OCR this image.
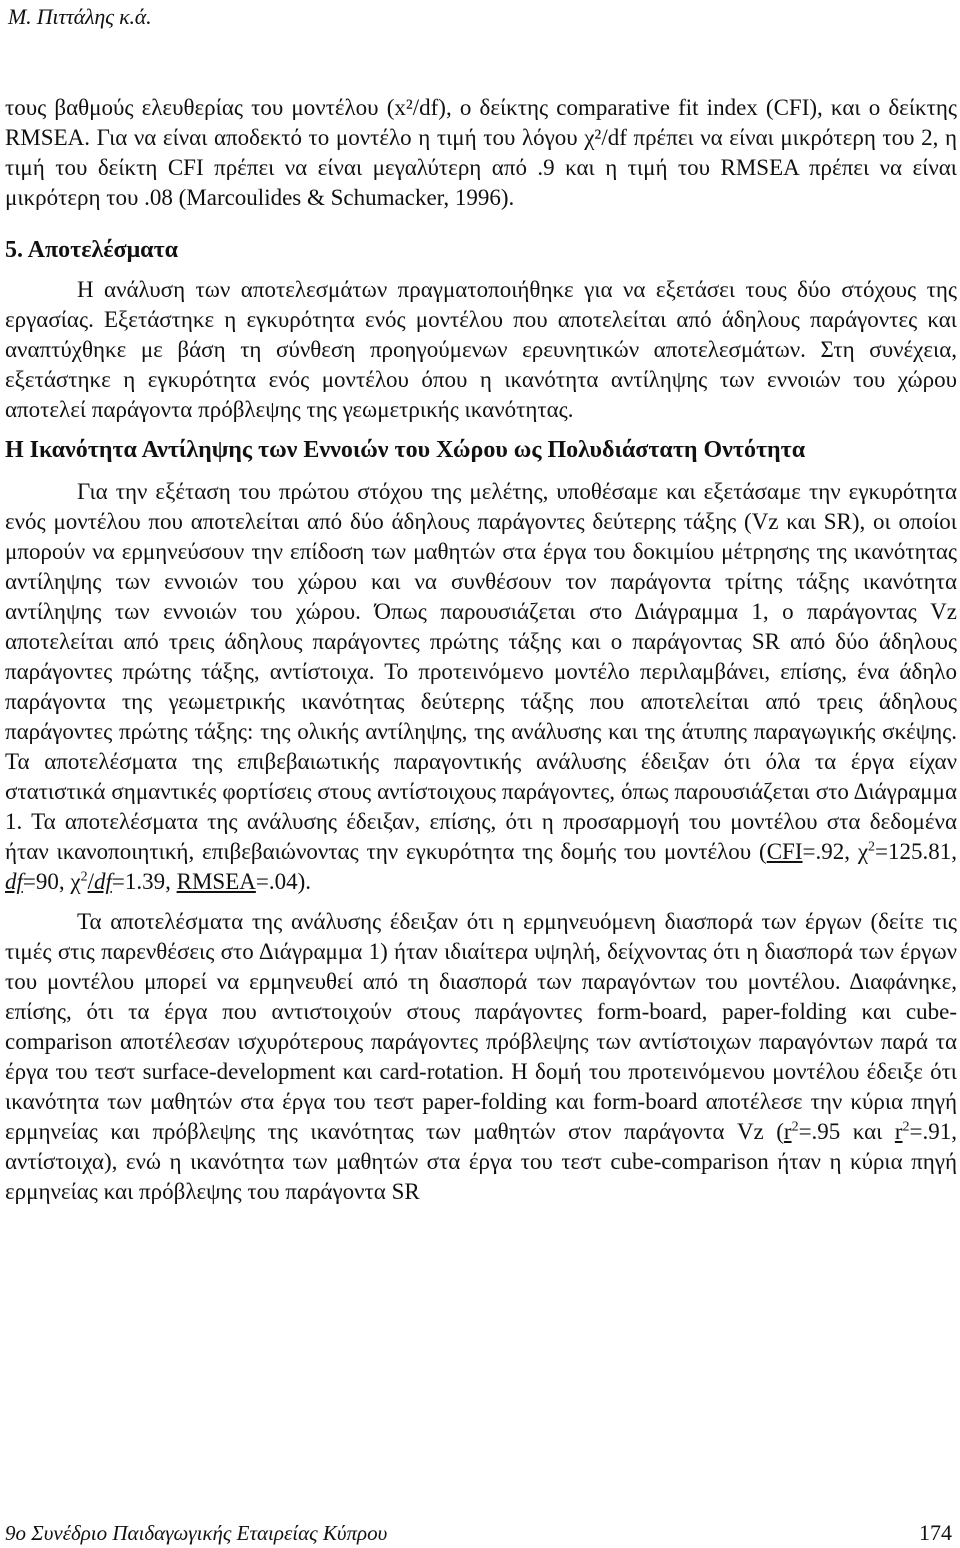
Μ. Πιττάλης κ.ά.

τους βαθμούς ελευθερίας του μοντέλου (x²/df), ο δείκτης comparative fit index (CFI), και ο δείκτης RMSEA. Για να είναι αποδεκτό το μοντέλο η τιμή του λόγου χ²/df πρέπει να είναι μικρότερη του 2, η τιμή του δείκτη CFI πρέπει να είναι μεγαλύτερη από .9 και η τιμή του RMSEA πρέπει να είναι μικρότερη του .08 (Marcoulides & Schumacker, 1996).

5. Αποτελέσματα

Η ανάλυση των αποτελεσμάτων πραγματοποιήθηκε για να εξετάσει τους δύο στόχους της εργασίας. Εξετάστηκε η εγκυρότητα ενός μοντέλου που αποτελείται από άδηλους παράγοντες και αναπτύχθηκε με βάση τη σύνθεση προηγούμενων ερευνητικών αποτελεσμάτων. Στη συνέχεια, εξετάστηκε η εγκυρότητα ενός μοντέλου όπου η ικανότητα αντίληψης των εννοιών του χώρου αποτελεί παράγοντα πρόβλεψης της γεωμετρικής ικανότητας.

Η Ικανότητα Αντίληψης των Εννοιών του Χώρου ως Πολυδιάστατη Οντότητα

Για την εξέταση του πρώτου στόχου της μελέτης, υποθέσαμε και εξετάσαμε την εγκυρότητα ενός μοντέλου που αποτελείται από δύο άδηλους παράγοντες δεύτερης τάξης (Vz και SR), οι οποίοι μπορούν να ερμηνεύσουν την επίδοση των μαθητών στα έργα του δοκιμίου μέτρησης της ικανότητας αντίληψης των εννοιών του χώρου και να συνθέσουν τον παράγοντα τρίτης τάξης ικανότητα αντίληψης των εννοιών του χώρου. Όπως παρουσιάζεται στο Διάγραμμα 1, ο παράγοντας Vz αποτελείται από τρεις άδηλους παράγοντες πρώτης τάξης και ο παράγοντας SR από δύο άδηλους παράγοντες πρώτης τάξης, αντίστοιχα. Το προτεινόμενο μοντέλο περιλαμβάνει, επίσης, ένα άδηλο παράγοντα της γεωμετρικής ικανότητας δεύτερης τάξης που αποτελείται από τρεις άδηλους παράγοντες πρώτης τάξης: της ολικής αντίληψης, της ανάλυσης και της άτυπης παραγωγικής σκέψης. Τα αποτελέσματα της επιβεβαιωτικής παραγοντικής ανάλυσης έδειξαν ότι όλα τα έργα είχαν στατιστικά σημαντικές φορτίσεις στους αντίστοιχους παράγοντες, όπως παρουσιάζεται στο Διάγραμμα 1. Τα αποτελέσματα της ανάλυσης έδειξαν, επίσης, ότι η προσαρμογή του μοντέλου στα δεδομένα ήταν ικανοποιητική, επιβεβαιώνοντας την εγκυρότητα της δομής του μοντέλου (CFI=.92, $\chi^2=125.81$, df=90, $\chi^2/df=1.39$, RMSEA=.04).

Τα αποτελέσματα της ανάλυσης έδειξαν ότι η ερμηνευόμενη διασπορά των έργων (δείτε τις τιμές στις παρενθέσεις στο Διάγραμμα 1) ήταν ιδιαίτερα υψηλή, δείχνοντας ότι η διασπορά των έργων του μοντέλου μπορεί να ερμηνευθεί από τη διασπορά των παραγόντων του μοντέλου. Διαφάνηκε, επίσης, ότι τα έργα που αντιστοιχούν στους παράγοντες form-board, paper-folding και cube-comparison αποτέλεσαν ισχυρότερους παράγοντες πρόβλεψης των αντίστοιχων παραγόντων παρά τα έργα του τεστ surface-development και card-rotation. Η δομή του προτεινόμενου μοντέλου έδειξε ότι ικανότητα των μαθητών στα έργα του τεστ paper-folding και form-board αποτέλεσε την κύρια πηγή ερμηνείας και πρόβλεψης της ικανότητας των μαθητών στον παράγοντα Vz ($r^2=.95$ και $r^2=.91$, αντίστοιχα), ενώ η ικανότητα των μαθητών στα έργα του τεστ cube-comparison ήταν η κύρια πηγή ερμηνείας και πρόβλεψης του παράγοντα SR

9ο Συνέδριο Παιδαγωγικής Εταιρείας Κύπρου	174
